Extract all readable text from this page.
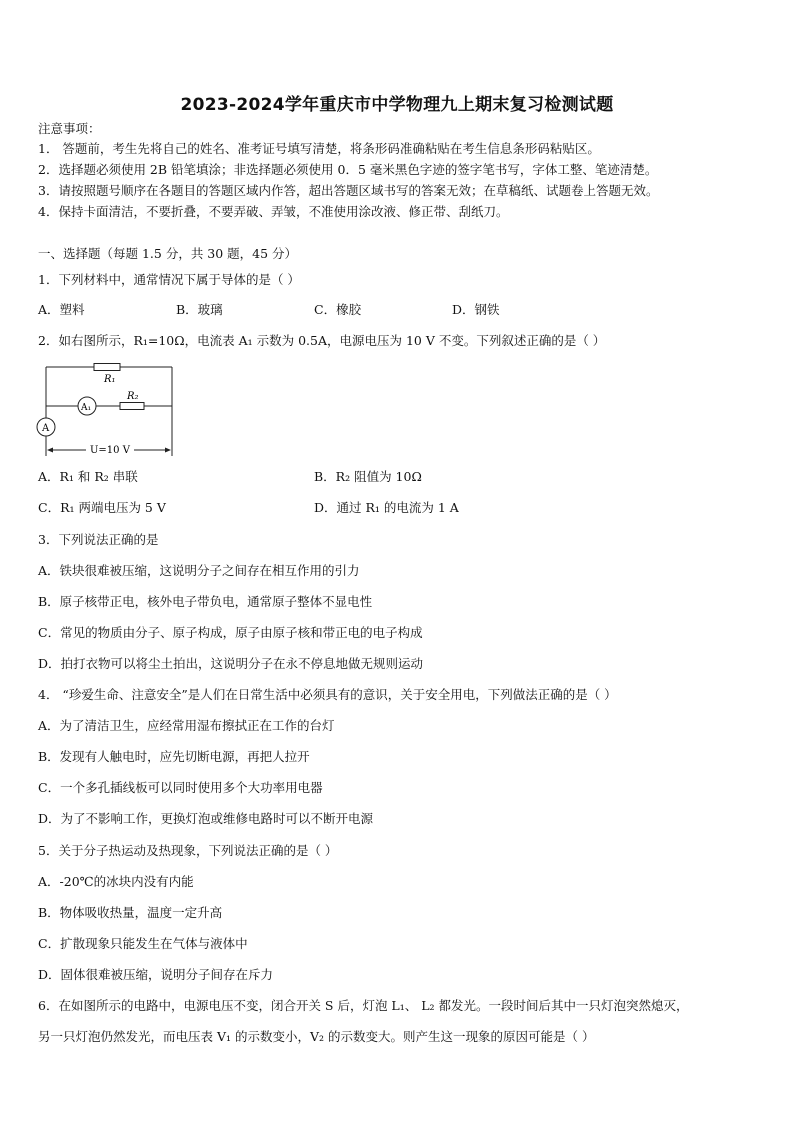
2023-2024学年重庆市中学物理九上期末复习检测试题
注意事项：
1． 答题前，考生先将自己的姓名、准考证号填写清楚，将条形码准确粘贴在考生信息条形码粘贴区。
2．选择题必须使用 2B 铅笔填涂；非选择题必须使用 0．5 毫米黑色字迹的签字笔书写，字体工整、笔迹清楚。
3．请按照题号顺序在各题目的答题区域内作答，超出答题区域书写的答案无效；在草稿纸、试题卷上答题无效。
4．保持卡面清洁，不要折叠，不要弄破、弄皱，不准使用涂改液、修正带、刮纸刀。
一、选择题（每题 1.5 分，共 30 题，45 分）
1．下列材料中，通常情况下属于导体的是（ ）
A．塑料	B．玻璃	C．橡胶	D．钢铁
2．如右图所示，R₁=10Ω，电流表 A₁ 示数为 0.5A，电源电压为 10 V 不变。下列叙述正确的是（ ）
R₁
R₂
A₁
A
U=10 V
A．R₁ 和 R₂ 串联	B．R₂ 阻值为 10Ω
C．R₁ 两端电压为 5 V	D．通过 R₁ 的电流为 1 A
3．下列说法正确的是
A．铁块很难被压缩，这说明分子之间存在相互作用的引力
B．原子核带正电，核外电子带负电，通常原子整体不显电性
C．常见的物质由分子、原子构成，原子由原子核和带正电的电子构成
D．拍打衣物可以将尘土拍出，这说明分子在永不停息地做无规则运动
4． “珍爱生命、注意安全”是人们在日常生活中必须具有的意识，关于安全用电，下列做法正确的是（ ）
A．为了清洁卫生，应经常用湿布擦拭正在工作的台灯
B．发现有人触电时，应先切断电源，再把人拉开
C．一个多孔插线板可以同时使用多个大功率用电器
D．为了不影响工作，更换灯泡或维修电路时可以不断开电源
5．关于分子热运动及热现象，下列说法正确的是（ ）
A．-20℃的冰块内没有内能
B．物体吸收热量，温度一定升高
C．扩散现象只能发生在气体与液体中
D．固体很难被压缩，说明分子间存在斥力
6．在如图所示的电路中，电源电压不变，闭合开关 S 后，灯泡 L₁、 L₂ 都发光。一段时间后其中一只灯泡突然熄灭，
另一只灯泡仍然发光，而电压表 V₁ 的示数变小，V₂ 的示数变大。则产生这一现象的原因可能是（ ）
